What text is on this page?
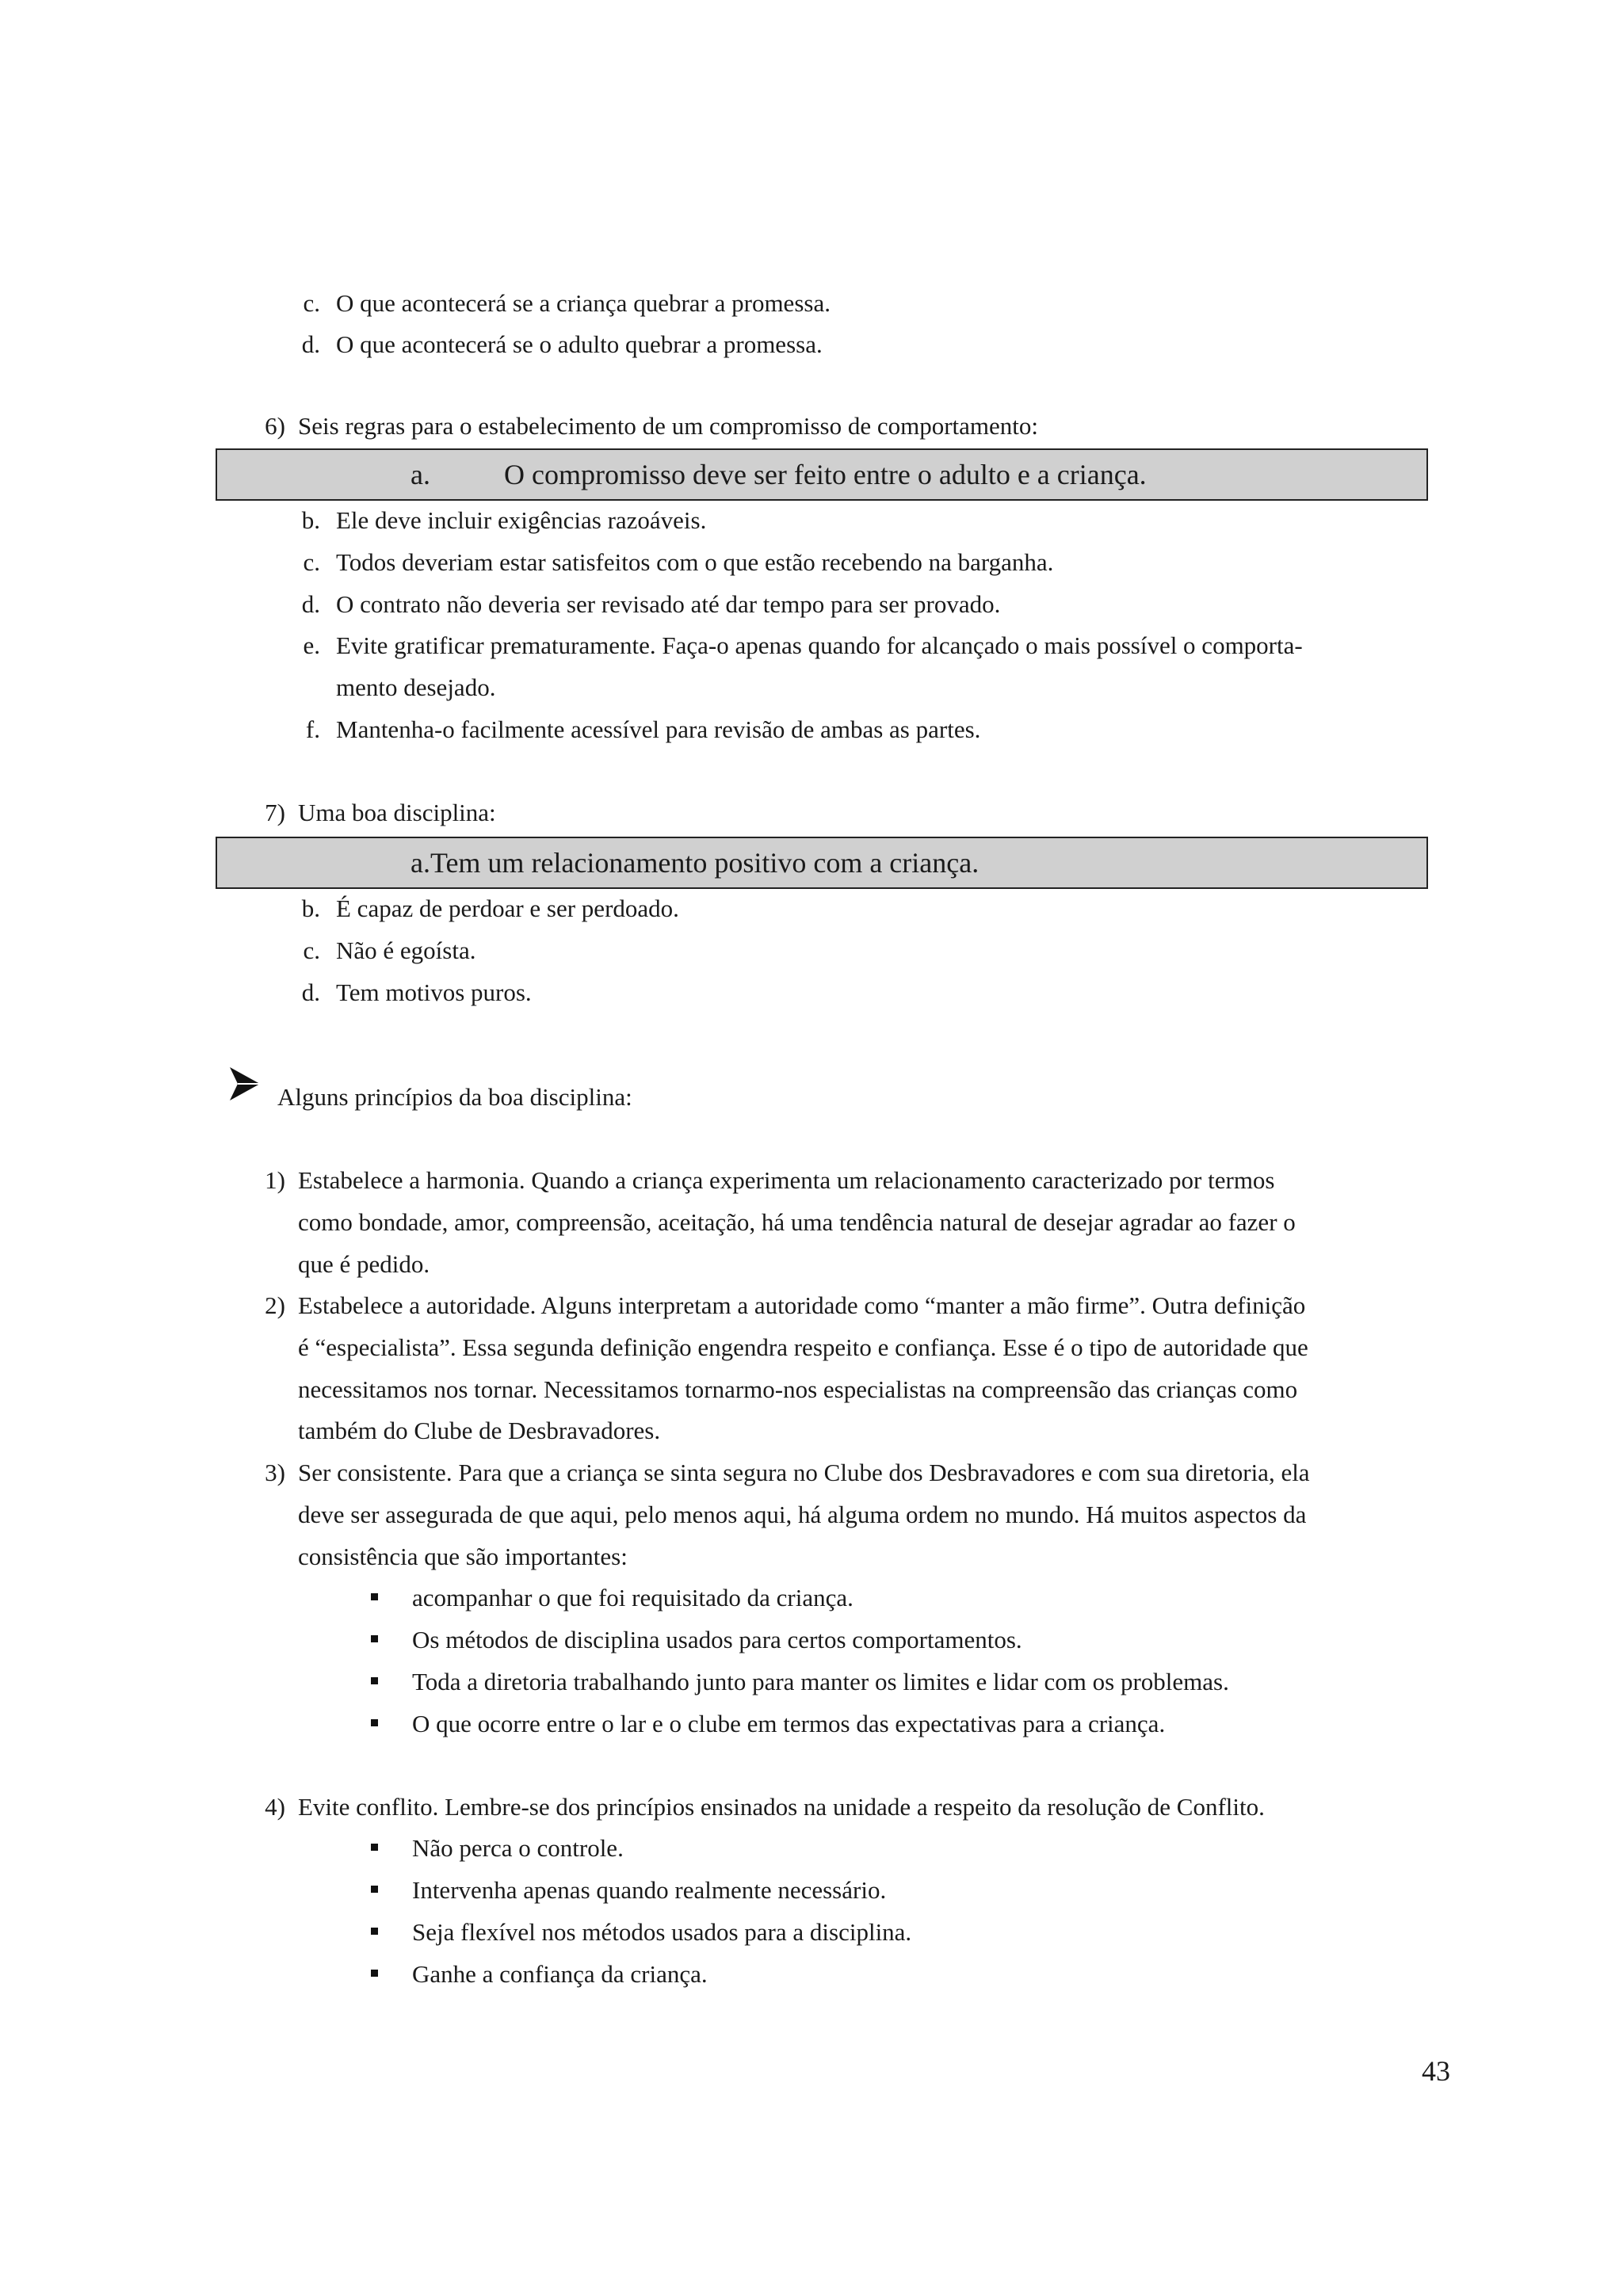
c. O que acontecerá se a criança quebrar a promessa.
d. O que acontecerá se o adulto quebrar a promessa.
6) Seis regras para o estabelecimento de um compromisso de comportamento:
a.	O compromisso deve ser feito entre o adulto e a criança.
b. Ele deve incluir exigências razoáveis.
c. Todos deveriam estar satisfeitos com o que estão recebendo na barganha.
d. O contrato não deveria ser revisado até dar tempo para ser provado.
e. Evite gratificar prematuramente. Faça-o apenas quando for alcançado o mais possível o comporta-
mento desejado.
f. Mantenha-o facilmente acessível para revisão de ambas as partes.
7) Uma boa disciplina:
a.Tem um relacionamento positivo com a criança.
b. É capaz de perdoar e ser perdoado.
c. Não é egoísta.
d. Tem motivos puros.
Alguns princípios da boa disciplina:
1) Estabelece a harmonia. Quando a criança experimenta um relacionamento caracterizado por termos
como bondade, amor, compreensão, aceitação, há uma tendência natural de desejar agradar ao fazer o
que é pedido.
2) Estabelece a autoridade. Alguns interpretam a autoridade como “manter a mão firme”. Outra definição
é “especialista”. Essa segunda definição engendra respeito e confiança. Esse é o tipo de autoridade que
necessitamos nos tornar. Necessitamos tornarmo-nos especialistas na compreensão das crianças como
também do Clube de Desbravadores.
3) Ser consistente. Para que a criança se sinta segura no Clube dos Desbravadores e com sua diretoria, ela
deve ser assegurada de que aqui, pelo menos aqui, há alguma ordem no mundo. Há muitos aspectos da
consistência que são importantes:
acompanhar o que foi requisitado da criança.
Os métodos de disciplina usados para certos comportamentos.
Toda a diretoria trabalhando junto para manter os limites e lidar com os problemas.
O que ocorre entre o lar e o clube em termos das expectativas para a criança.
4) Evite conflito. Lembre-se dos princípios ensinados na unidade a respeito da resolução de Conflito.
Não perca o controle.
Intervenha apenas quando realmente necessário.
Seja flexível nos métodos usados para a disciplina.
Ganhe a confiança da criança.
43
